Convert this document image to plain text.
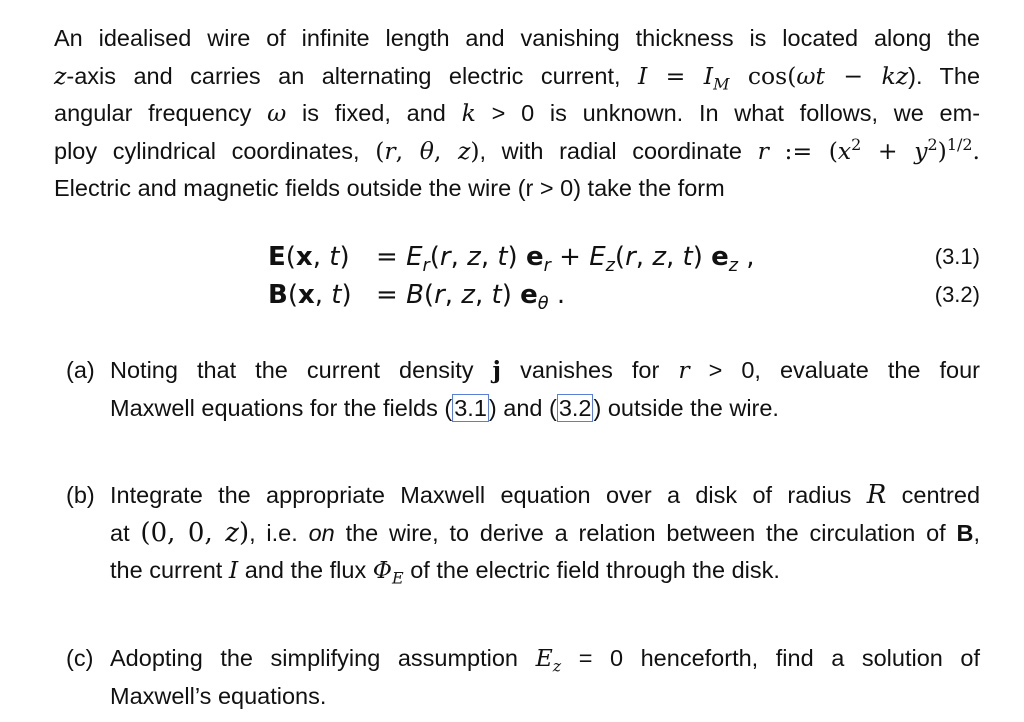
An idealised wire of infinite length and vanishing thickness is located along the
z-axis and carries an alternating electric current, $I = I_M$ cos(ωt − kz). The
angular frequency ω is fixed, and k > 0 is unknown. In what follows, we em-
ploy cylindrical coordinates, (r, θ, z), with radial coordinate r := $(x^2 + y^2)^{1/2}$.
Electric and magnetic fields outside the wire (r > 0) take the form
E(x, $t) = E_r(r$, z, t) $e_r + E_z(r$, z, t) $e_z$ ,	(3.1)
B(x, t) = B(r, z, t) $e_\theta$ .	(3.2)
(a) Noting that the current density j vanishes for r > 0, evaluate the four
Maxwell equations for the fields (3.1) and (3.2) outside the wire.
(b) Integrate the appropriate Maxwell equation over a disk of radius R centred
at (0, 0, z), i.e. on the wire, to derive a relation between the circulation of B,
the current I and the flux $\Phi_E$ of the electric field through the disk.
(c) Adopting the simplifying assumption $E_z = 0$ henceforth, find a solution of
Maxwell’s equations.
